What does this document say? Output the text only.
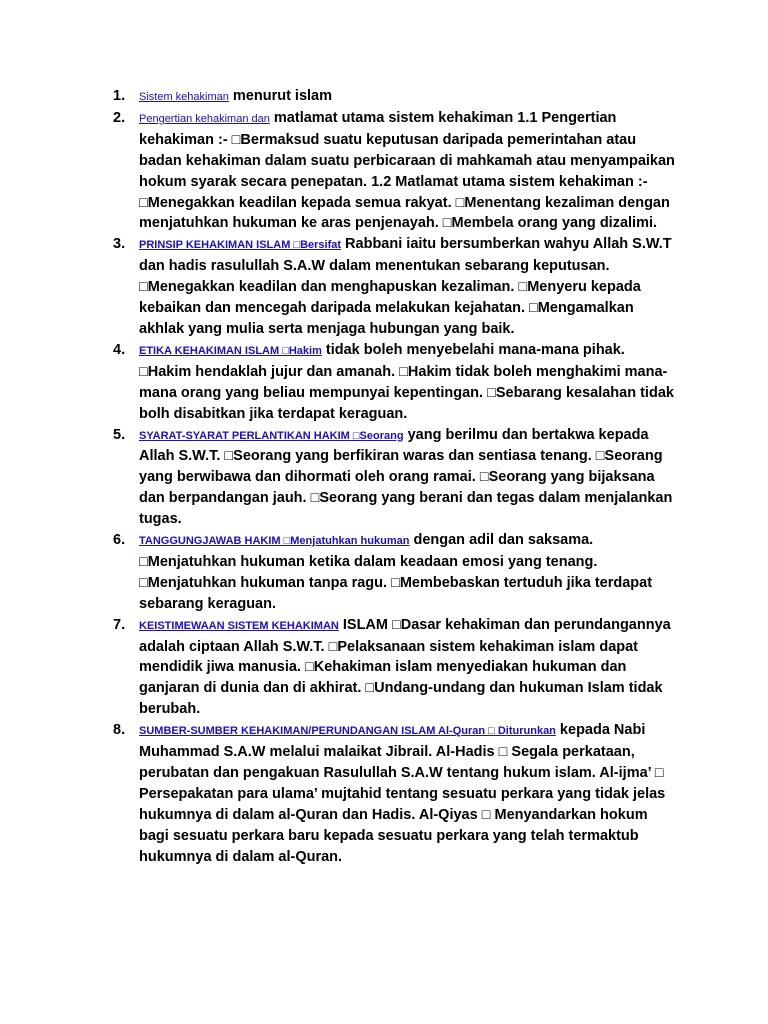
1.	Sistem kehakiman menurut islam
2.	Pengertian kehakiman dan matlamat utama sistem kehakiman 1.1 Pengertian kehakiman :- □Bermaksud suatu keputusan daripada pemerintahan atau badan kehakiman dalam suatu perbicaraan di mahkamah atau menyampaikan hokum syarak secara penepatan. 1.2 Matlamat utama sistem kehakiman :- □Menegakkan keadilan kepada semua rakyat. □Menentang kezaliman dengan menjatuhkan hukuman ke aras penjenayah. □Membela orang yang dizalimi.
3.	PRINSIP KEHAKIMAN ISLAM □Bersifat Rabbani iaitu bersumberkan wahyu Allah S.W.T dan hadis rasulullah S.A.W dalam menentukan sebarang keputusan. □Menegakkan keadilan dan menghapuskan kezaliman. □Menyeru kepada kebaikan dan mencegah daripada melakukan kejahatan. □Mengamalkan akhlak yang mulia serta menjaga hubungan yang baik.
4.	ETIKA KEHAKIMAN ISLAM □Hakim tidak boleh menyebelahi mana-mana pihak. □Hakim hendaklah jujur dan amanah. □Hakim tidak boleh menghakimi mana-mana orang yang beliau mempunyai kepentingan. □Sebarang kesalahan tidak bolh disabitkan jika terdapat keraguan.
5.	SYARAT-SYARAT PERLANTIKAN HAKIM □Seorang yang berilmu dan bertakwa kepada Allah S.W.T. □Seorang yang berfikiran waras dan sentiasa tenang. □Seorang yang berwibawa dan dihormati oleh orang ramai. □Seorang yang bijaksana dan berpandangan jauh. □Seorang yang berani dan tegas dalam menjalankan tugas.
6.	TANGGUNGJAWAB HAKIM □Menjatuhkan hukuman dengan adil dan saksama. □Menjatuhkan hukuman ketika dalam keadaan emosi yang tenang. □Menjatuhkan hukuman tanpa ragu. □Membebaskan tertuduh jika terdapat sebarang keraguan.
7.	KEISTIMEWAAN SISTEM KEHAKIMAN ISLAM □Dasar kehakiman dan perundangannya adalah ciptaan Allah S.W.T. □Pelaksanaan sistem kehakiman islam dapat mendidik jiwa manusia. □Kehakiman islam menyediakan hukuman dan ganjaran di dunia dan di akhirat. □Undang-undang dan hukuman Islam tidak berubah.
8.	SUMBER-SUMBER KEHAKIMAN/PERUNDANGAN ISLAM Al-Quran □ Diturunkan kepada Nabi Muhammad S.A.W melalui malaikat Jibrail. Al-Hadis □ Segala perkataan, perubatan dan pengakuan Rasulullah S.A.W tentang hukum islam. Al-ijma’ □ Persepakatan para ulama’ mujtahid tentang sesuatu perkara yang tidak jelas hukumnya di dalam al-Quran dan Hadis. Al-Qiyas □ Menyandarkan hokum bagi sesuatu perkara baru kepada sesuatu perkara yang telah termaktub hukumnya di dalam al-Quran.
